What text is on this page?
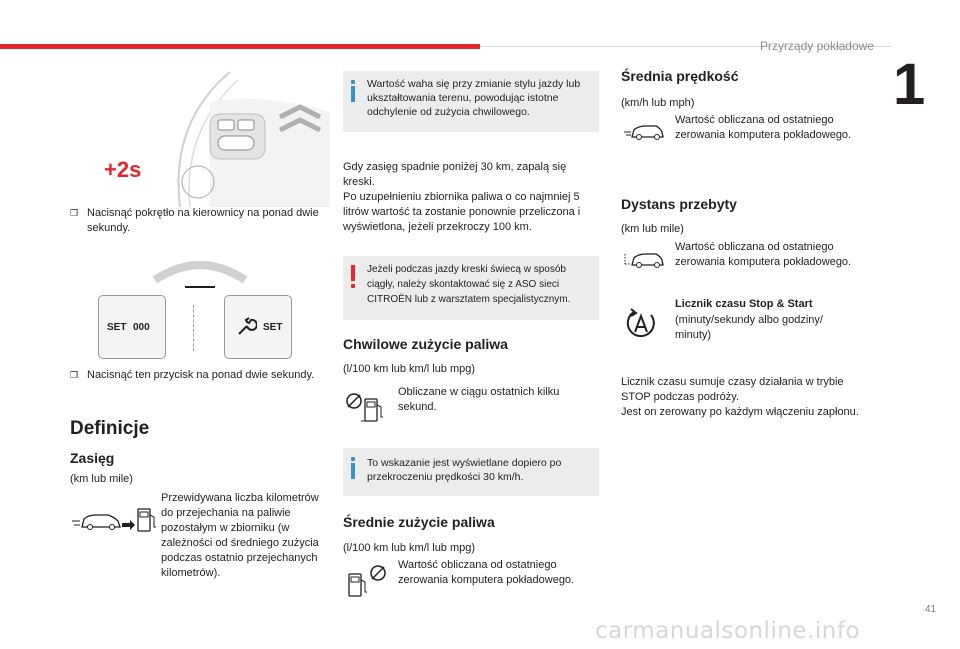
Przyrządy pokładowe
1
+2s
❒ Nacisnąć pokrętło na kierownicy na ponad dwie sekundy.
SET 000	SET
❒ Nacisnąć ten przycisk na ponad dwie sekundy.
Definicje
Zasięg
(km lub mile)
Przewidywana liczba kilometrów do przejechania na paliwie pozostałym w zbiorniku (w zależności od średniego zużycia podczas ostatnio przejechanych kilometrów).
Wartość waha się przy zmianie stylu jazdy lub ukształtowania terenu, powodując istotne odchylenie od zużycia chwilowego.
Gdy zasięg spadnie poniżej 30 km, zapalą się kreski.
Po uzupełnieniu zbiornika paliwa o co najmniej 5 litrów wartość ta zostanie ponownie przeliczona i wyświetlona, jeżeli przekroczy 100 km.
Jeżeli podczas jazdy kreski świecą w sposób ciągły, należy skontaktować się z ASO sieci CITROËN lub z warsztatem specjalistycznym.
Chwilowe zużycie paliwa
(l/100 km lub km/l lub mpg)
Obliczane w ciągu ostatnich kilku sekund.
To wskazanie jest wyświetlane dopiero po przekroczeniu prędkości 30 km/h.
Średnie zużycie paliwa
(l/100 km lub km/l lub mpg)
Wartość obliczana od ostatniego zerowania komputera pokładowego.
Średnia prędkość
(km/h lub mph)
Wartość obliczana od ostatniego zerowania komputera pokładowego.
Dystans przebyty
(km lub mile)
Wartość obliczana od ostatniego zerowania komputera pokładowego.
Licznik czasu Stop & Start
(minuty/sekundy albo godziny/ minuty)
Licznik czasu sumuje czasy działania w trybie STOP podczas podróży.
Jest on zerowany po każdym włączeniu zapłonu.
41
carmanualsonline.info
